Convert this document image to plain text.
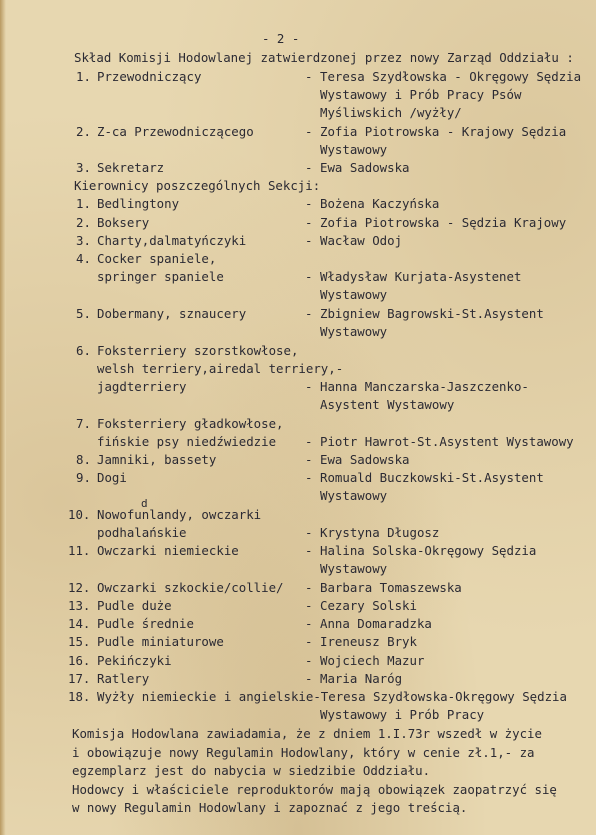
- 2 -
Skład Komisji Hodowlanej zatwierdzonej przez nowy Zarząd Oddziału :
1. Przewodniczący	- Teresa Szydłowska - Okręgowy Sędzia
Wystawowy i Prób Pracy Psów
Myśliwskich /wyżły/
2. Z-ca Przewodniczącego	- Zofia Piotrowska - Krajowy Sędzia
Wystawowy
3. Sekretarz	- Ewa Sadowska
Kierownicy poszczególnych Sekcji:
1. Bedlingtony	- Bożena Kaczyńska
2. Boksery	- Zofia Piotrowska - Sędzia Krajowy
3. Charty,dalmatyńczyki	- Wacław Odoj
4. Cocker spaniele,
springer spaniele	- Władysław Kurjata-Asystenet
Wystawowy
5. Dobermany, sznaucery	- Zbigniew Bagrowski-St.Asystent
Wystawowy
6. Foksterriery szorstkowłose,
welsh terriery,airedal terriery,-
jagdterriery	- Hanna Manczarska-Jaszczenko-
Asystent Wystawowy
7. Foksterriery gładkowłose,
fińskie psy niedźwiedzie - Piotr Hawrot-St.Asystent Wystawowy
8. Jamniki, bassety	- Ewa Sadowska
9. Dogi	- Romuald Buczkowski-St.Asystent
Wystawowy
10. Nowofunlandy, owczarki
podhalańskie	- Krystyna Długosz
11. Owczarki niemieckie	- Halina Solska-Okręgowy Sędzia
Wystawowy
12. Owczarki szkockie/collie/ - Barbara Tomaszewska
13. Pudle duże	- Cezary Solski
14. Pudle średnie	- Anna Domaradzka
15. Pudle miniaturowe	- Ireneusz Bryk
16. Pekińczyki	- Wojciech Mazur
17. Ratlery	- Maria Naróg
18. Wyżły niemieckie i angielskie-Teresa Szydłowska-Okręgowy Sędzia
Wystawowy i Prób Pracy
d
Komisja Hodowlana zawiadamia, że z dniem 1.I.73r wszedł w życie
i obowiązuje nowy Regulamin Hodowlany, który w cenie zł.1,- za
egzemplarz jest do nabycia w siedzibie Oddziału.
Hodowcy i właściciele reproduktorów mają obowiązek zaopatrzyć się
w nowy Regulamin Hodowlany i zapoznać z jego treścią.
